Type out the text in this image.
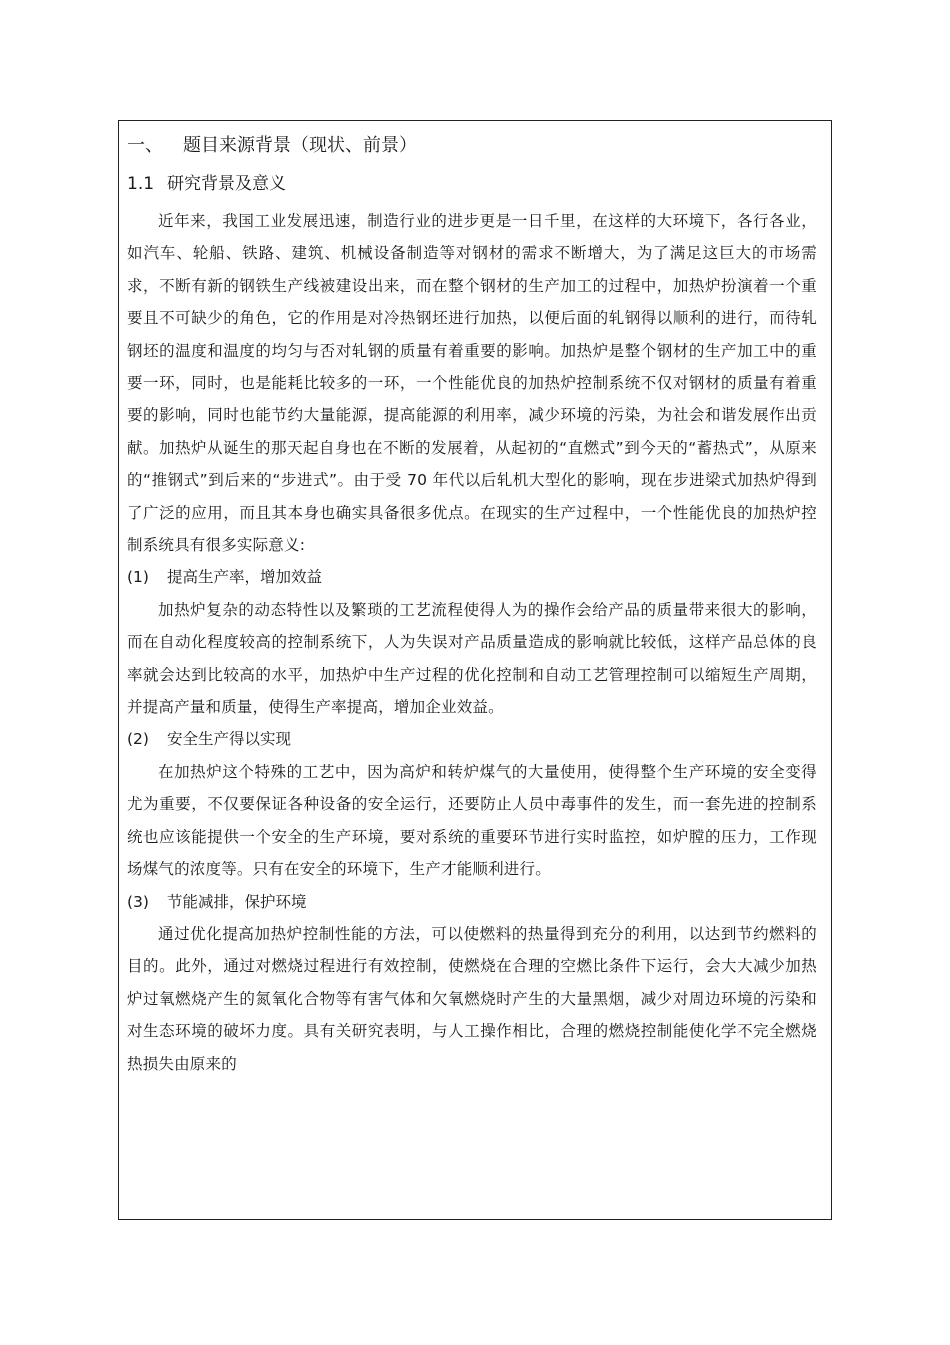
一、 题目来源背景（现状、前景）
1.1 研究背景及意义

近年来，我国工业发展迅速，制造行业的进步更是一日千里，在这样的大环境下，各行各业，如汽车、轮船、铁路、建筑、机械设备制造等对钢材的需求不断增大，为了满足这巨大的市场需求，不断有新的钢铁生产线被建设出来，而在整个钢材的生产加工的过程中，加热炉扮演着一个重要且不可缺少的角色，它的作用是对冷热钢坯进行加热，以便后面的轧钢得以顺利的进行，而待轧钢坯的温度和温度的均匀与否对轧钢的质量有着重要的影响。加热炉是整个钢材的生产加工中的重要一环，同时，也是能耗比较多的一环，一个性能优良的加热炉控制系统不仅对钢材的质量有着重要的影响，同时也能节约大量能源，提高能源的利用率，减少环境的污染，为社会和谐发展作出贡献。加热炉从诞生的那天起自身也在不断的发展着，从起初的“直燃式”到今天的“蓄热式”，从原来的“推钢式”到后来的“步进式”。由于受 70 年代以后轧机大型化的影响，现在步进梁式加热炉得到了广泛的应用，而且其本身也确实具备很多优点。在现实的生产过程中，一个性能优良的加热炉控制系统具有很多实际意义:

(1) 提高生产率，增加效益

加热炉复杂的动态特性以及繁琐的工艺流程使得人为的操作会给产品的质量带来很大的影响，而在自动化程度较高的控制系统下，人为失误对产品质量造成的影响就比较低，这样产品总体的良率就会达到比较高的水平，加热炉中生产过程的优化控制和自动工艺管理控制可以缩短生产周期，并提高产量和质量，使得生产率提高，增加企业效益。

(2) 安全生产得以实现

在加热炉这个特殊的工艺中，因为高炉和转炉煤气的大量使用，使得整个生产环境的安全变得尤为重要，不仅要保证各种设备的安全运行，还要防止人员中毒事件的发生，而一套先进的控制系统也应该能提供一个安全的生产环境，要对系统的重要环节进行实时监控，如炉膛的压力，工作现场煤气的浓度等。只有在安全的环境下，生产才能顺利进行。

(3) 节能减排，保护环境

通过优化提高加热炉控制性能的方法，可以使燃料的热量得到充分的利用，以达到节约燃料的目的。此外，通过对燃烧过程进行有效控制，使燃烧在合理的空燃比条件下运行，会大大减少加热炉过氧燃烧产生的氮氧化合物等有害气体和欠氧燃烧时产生的大量黑烟，减少对周边环境的污染和对生态环境的破坏力度。具有关研究表明，与人工操作相比，合理的燃烧控制能使化学不完全燃烧热损失由原来的
